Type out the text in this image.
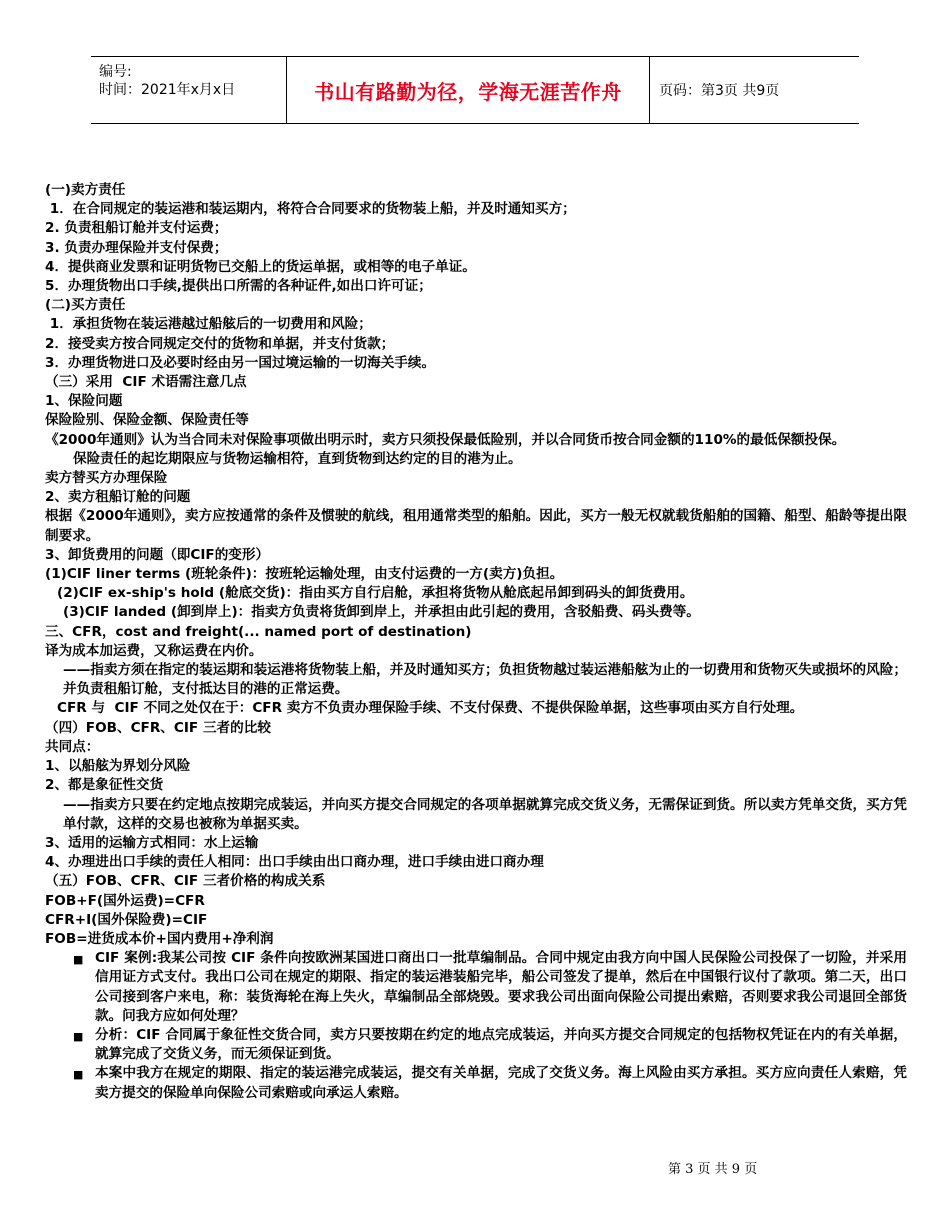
编号:
时间：2021年x月x日	书山有路勤为径，学海无涯苦作舟	页码：第3页 共9页

(一)卖方责任

1．在合同规定的装运港和装运期内，将符合合同要求的货物装上船，并及时通知买方；

2. 负责租船订舱并支付运费；

3. 负责办理保险并支付保费；

4．提供商业发票和证明货物已交船上的货运单据，或相等的电子单证。

5．办理货物出口手续,提供出口所需的各种证件,如出口许可证；

(二)买方责任

1．承担货物在装运港越过船舷后的一切费用和风险；

2．接受卖方按合同规定交付的货物和单据，并支付货款；

3．办理货物进口及必要时经由另一国过境运输的一切海关手续。

（三）采用  CIF 术语需注意几点

1、保险问题

保险险别、保险金额、保险责任等

《2000年通则》认为当合同未对保险事项做出明示时，卖方只须投保最低险别，并以合同货币按合同金额的110%的最低保额投保。

保险责任的起讫期限应与货物运输相符，直到货物到达约定的目的港为止。

卖方替买方办理保险

2、卖方租船订舱的问题

根据《2000年通则》，卖方应按通常的条件及惯驶的航线，租用通常类型的船舶。因此，买方一般无权就载货船舶的国籍、船型、船龄等提出限制要求。

3、卸货费用的问题（即CIF的变形）

(1)CIF liner terms (班轮条件)：按班轮运输处理，由支付运费的一方(卖方)负担。

(2)CIF ex-ship's hold (舱底交货)：指由买方自行启舱，承担将货物从舱底起吊卸到码头的卸货费用。

(3)CIF landed (卸到岸上)：指卖方负责将货卸到岸上，并承担由此引起的费用，含驳船费、码头费等。

三、CFR，cost and freight(... named port of destination)

译为成本加运费，又称运费在内价。

——指卖方须在指定的装运期和装运港将货物装上船，并及时通知买方；负担货物越过装运港船舷为止的一切费用和货物灭失或损坏的风险；并负责租船订舱，支付抵达目的港的正常运费。

CFR 与  CIF 不同之处仅在于：CFR 卖方不负责办理保险手续、不支付保费、不提供保险单据，这些事项由买方自行处理。

（四）FOB、CFR、CIF 三者的比较

共同点：

1、以船舷为界划分风险

2、都是象征性交货

——指卖方只要在约定地点按期完成装运，并向买方提交合同规定的各项单据就算完成交货义务，无需保证到货。所以卖方凭单交货，买方凭单付款，这样的交易也被称为单据买卖。

3、适用的运输方式相同：水上运输

4、办理进出口手续的责任人相同：出口手续由出口商办理，进口手续由进口商办理

（五）FOB、CFR、CIF 三者价格的构成关系

FOB+F(国外运费)=CFR

CFR+I(国外保险费)=CIF

FOB=进货成本价+国内费用+净利润

■ CIF 案例:我某公司按 CIF 条件向按欧洲某国进口商出口一批草编制品。合同中规定由我方向中国人民保险公司投保了一切险，并采用信用证方式支付。我出口公司在规定的期限、指定的装运港装船完毕，船公司签发了提单，然后在中国银行议付了款项。第二天，出口公司接到客户来电，称：装货海轮在海上失火，草编制品全部烧毁。要求我公司出面向保险公司提出索赔，否则要求我公司退回全部货款。问我方应如何处理？
■ 分析：CIF 合同属于象征性交货合同，卖方只要按期在约定的地点完成装运，并向买方提交合同规定的包括物权凭证在内的有关单据，就算完成了交货义务，而无须保证到货。
■ 本案中我方在规定的期限、指定的装运港完成装运，提交有关单据，完成了交货义务。海上风险由买方承担。买方应向责任人索赔，凭卖方提交的保险单向保险公司索赔或向承运人索赔。
第 3 页 共 9 页
